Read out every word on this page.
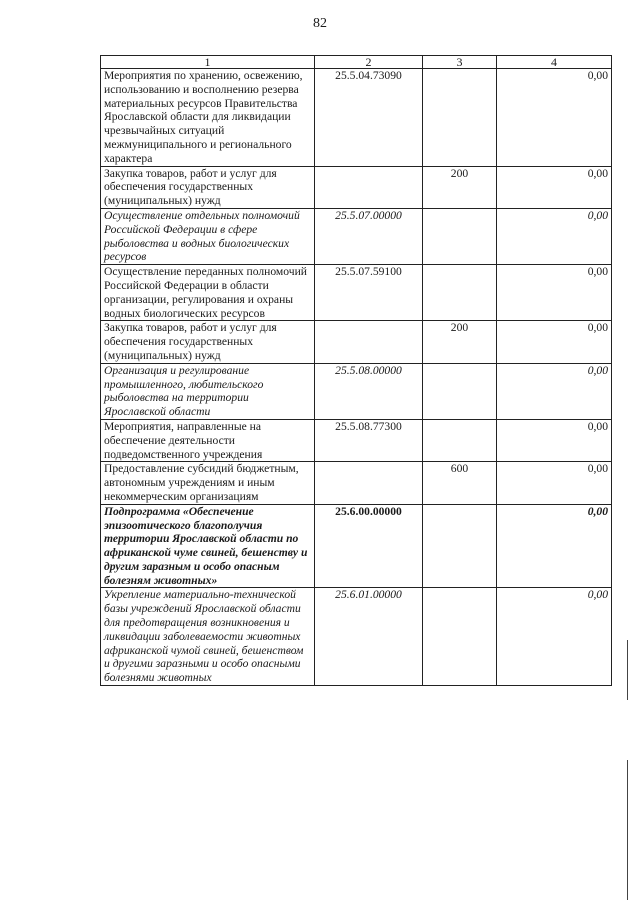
82
1	2	3	4
Мероприятия по хранению, освежению, использованию и восполнению резерва материальных ресурсов Правительства Ярославской области для ликвидации чрезвычайных ситуаций межмуниципального и регионального характера	25.5.04.73090		0,00
Закупка товаров, работ и услуг для обеспечения государственных (муниципальных) нужд		200	0,00
Осуществление отдельных полномочий Российской Федерации в сфере рыболовства и водных биологических ресурсов	25.5.07.00000		0,00
Осуществление переданных полномочий Российской Федерации в области организации, регулирования и охраны водных биологических ресурсов	25.5.07.59100		0,00
Закупка товаров, работ и услуг для обеспечения государственных (муниципальных) нужд		200	0,00
Организация и регулирование промышленного, любительского рыболовства на территории Ярославской области	25.5.08.00000		0,00
Мероприятия, направленные на обеспечение деятельности подведомственного учреждения	25.5.08.77300		0,00
Предоставление субсидий бюджетным, автономным учреждениям и иным некоммерческим организациям		600	0,00
Подпрограмма «Обеспечение эпизоотического благополучия территории Ярославской области по африканской чуме свиней, бешенству и другим заразным и особо опасным болезням животных»	25.6.00.00000		0,00
Укрепление материально-технической базы учреждений Ярославской области для предотвращения возникновения и ликвидации заболеваемости животных африканской чумой свиней, бешенством и другими заразными и особо опасными болезнями животных	25.6.01.00000		0,00
